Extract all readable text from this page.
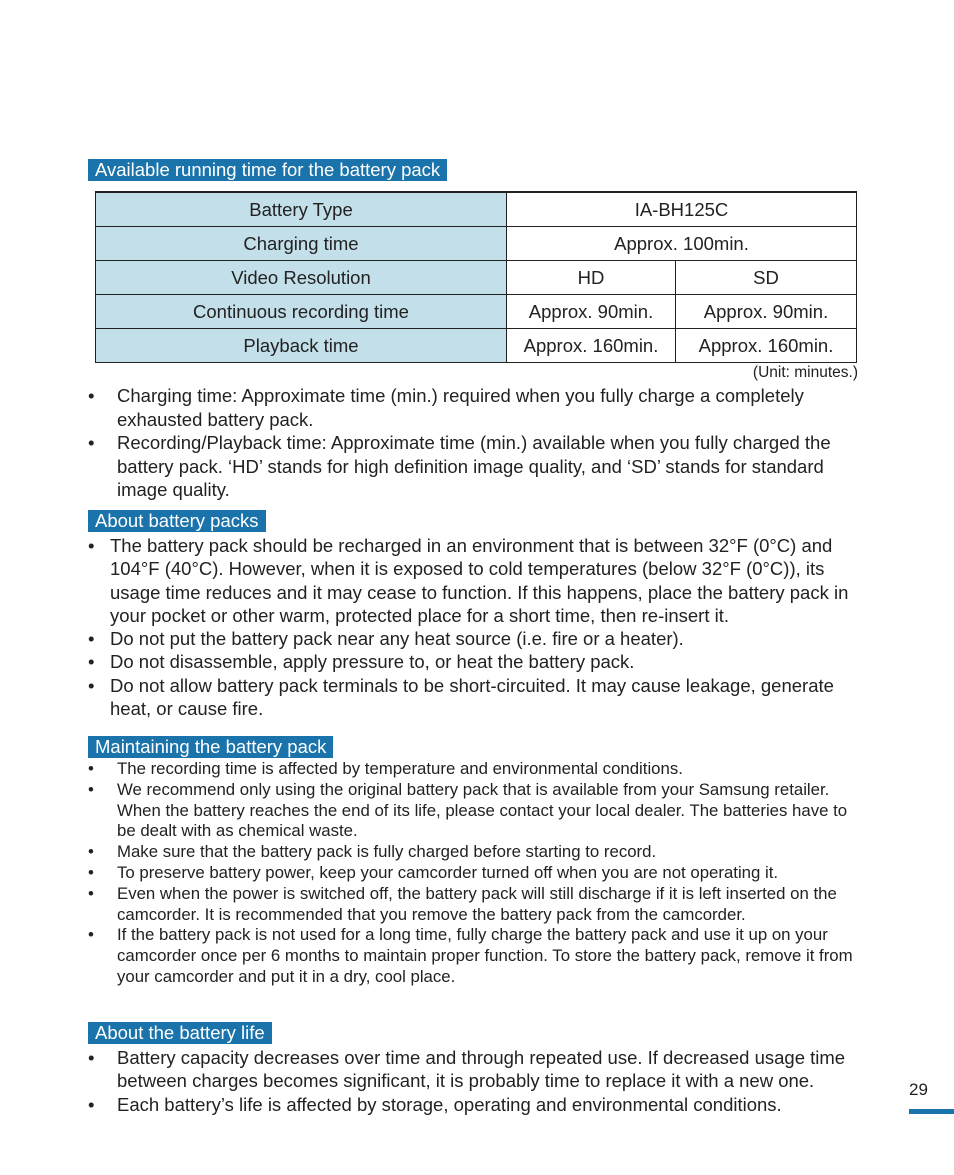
Available running time for the battery pack
Battery Type	IA-BH125C	
Charging time	Approx. 100min.	
Video Resolution	HD	SD
Continuous recording time	Approx. 90min.	Approx. 90min.
Playback time	Approx. 160min.	Approx. 160min.
(Unit: minutes.)
• Charging time: Approximate time (min.) required when you fully charge a completely exhausted battery pack.
• Recording/Playback time: Approximate time (min.) available when you fully charged the battery pack. ‘HD’ stands for high definition image quality, and ‘SD’ stands for standard image quality.
About battery packs
• The battery pack should be recharged in an environment that is between 32°F (0°C) and 104°F (40°C). However, when it is exposed to cold temperatures (below 32°F (0°C)), its usage time reduces and it may cease to function. If this happens, place the battery pack in your pocket or other warm, protected place for a short time, then re-insert it.
• Do not put the battery pack near any heat source (i.e. fire or a heater).
• Do not disassemble, apply pressure to, or heat the battery pack.
• Do not allow battery pack terminals to be short-circuited. It may cause leakage, generate heat, or cause fire.
Maintaining the battery pack
• The recording time is affected by temperature and environmental conditions.
• We recommend only using the original battery pack that is available from your Samsung retailer. When the battery reaches the end of its life, please contact your local dealer. The batteries have to be dealt with as chemical waste.
• Make sure that the battery pack is fully charged before starting to record.
• To preserve battery power, keep your camcorder turned off when you are not operating it.
• Even when the power is switched off, the battery pack will still discharge if it is left inserted on the camcorder. It is recommended that you remove the battery pack from the camcorder.
• If the battery pack is not used for a long time, fully charge the battery pack and use it up on your camcorder once per 6 months to maintain proper function. To store the battery pack, remove it from your camcorder and put it in a dry, cool place.
About the battery life
• Battery capacity decreases over time and through repeated use. If decreased usage time between charges becomes significant, it is probably time to replace it with a new one.
• Each battery’s life is affected by storage, operating and environmental conditions.
29
